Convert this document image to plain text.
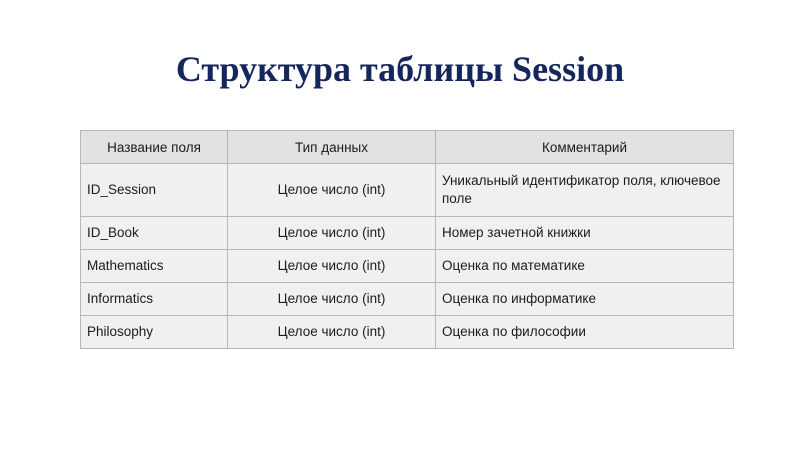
Структура таблицы Session
Название поля	Тип данных	Комментарий
ID_Session	Целое число (int)	Уникальный идентификатор поля, ключевое поле
ID_Book	Целое число (int)	Номер зачетной книжки
Mathematics	Целое число (int)	Оценка по математике
Informatics	Целое число (int)	Оценка по информатике
Philosophy	Целое число (int)	Оценка по философии
